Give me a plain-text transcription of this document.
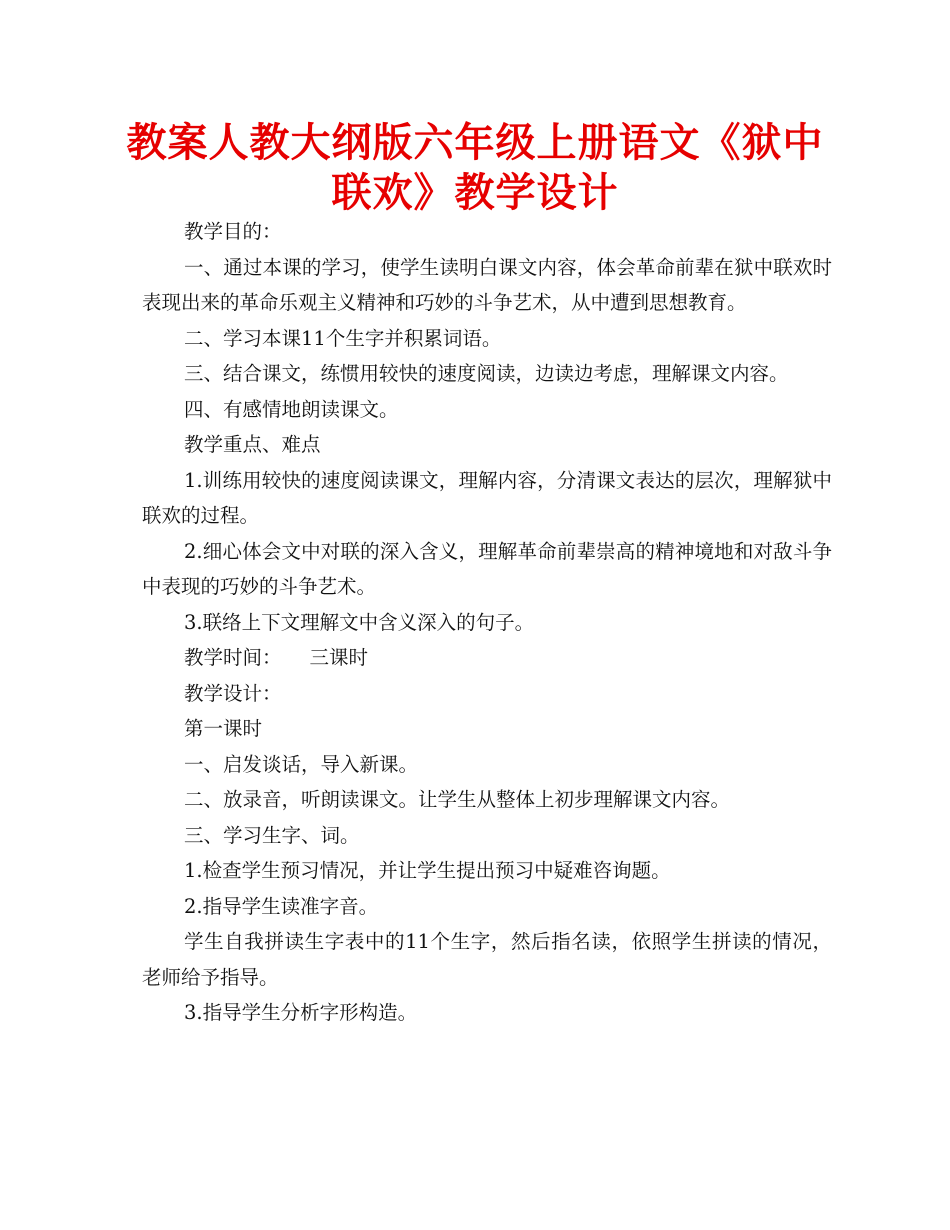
教案人教大纲版六年级上册语文《狱中联欢》教学设计

教学目的：

一、通过本课的学习，使学生读明白课文内容，体会革命前辈在狱中联欢时表现出来的革命乐观主义精神和巧妙的斗争艺术，从中遭到思想教育。

二、学习本课11个生字并积累词语。

三、结合课文，练惯用较快的速度阅读，边读边考虑，理解课文内容。

四、有感情地朗读课文。

教学重点、难点

1.训练用较快的速度阅读课文，理解内容，分清课文表达的层次，理解狱中联欢的过程。

2.细心体会文中对联的深入含义，理解革命前辈崇高的精神境地和对敌斗争中表现的巧妙的斗争艺术。

3.联络上下文理解文中含义深入的句子。

教学时间： 三课时

教学设计：

第一课时

一、启发谈话，导入新课。

二、放录音，听朗读课文。让学生从整体上初步理解课文内容。

三、学习生字、词。

1.检查学生预习情况，并让学生提出预习中疑难咨询题。

2.指导学生读准字音。

学生自我拼读生字表中的11个生字，然后指名读，依照学生拼读的情况，老师给予指导。

3.指导学生分析字形构造。
